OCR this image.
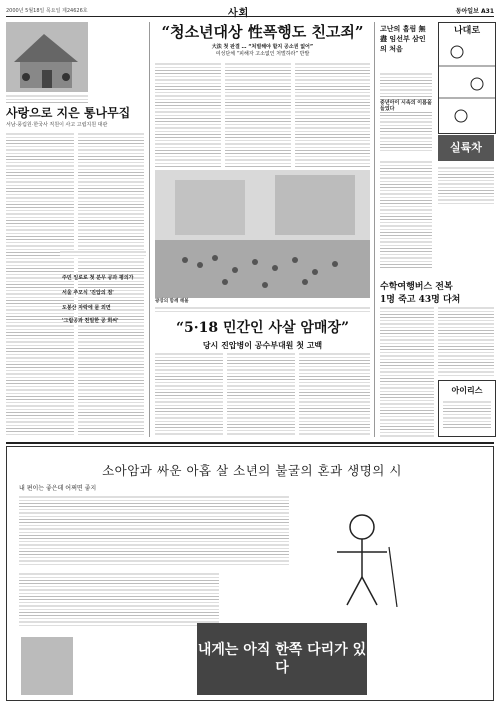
2000년 5월18일 목요일 제24626호	사회	동아일보 A31
사랑으로 지은 통나무집
서남·풍림원·한국사 직원이 사고 고립지원 대관
“청소년대상 性폭행도 친고죄”
大法 첫 판결 … “처벌해야 할지 공소권 없어”
여성단체 “피해자 고소없인 처벌하라” 반발
광장의 함께 해볼
“5·18 민간인 사살 암매장”
당시 진압병이 공수부대원 첫 고백
주민 일로로 첫 분무 공과 평의가
서울 추모식 '진압의 점'
도봉산 자락에 묻 외면
'그림공과 친밀한 공 희씨'
고난의 흠림 無盡 임선부 삼인의 처음
중년아이 시속의 이름을 들었다
나대로
실륙차
수학여행버스 전복
1명 죽고 43명 다쳐
아이리스
소아암과 싸운 아홉 살 소년의 불굴의 혼과 생명의 시
내 편이는 좋은데 어쩌면 좋지
내게는 아직 한쪽 다리가 있다
